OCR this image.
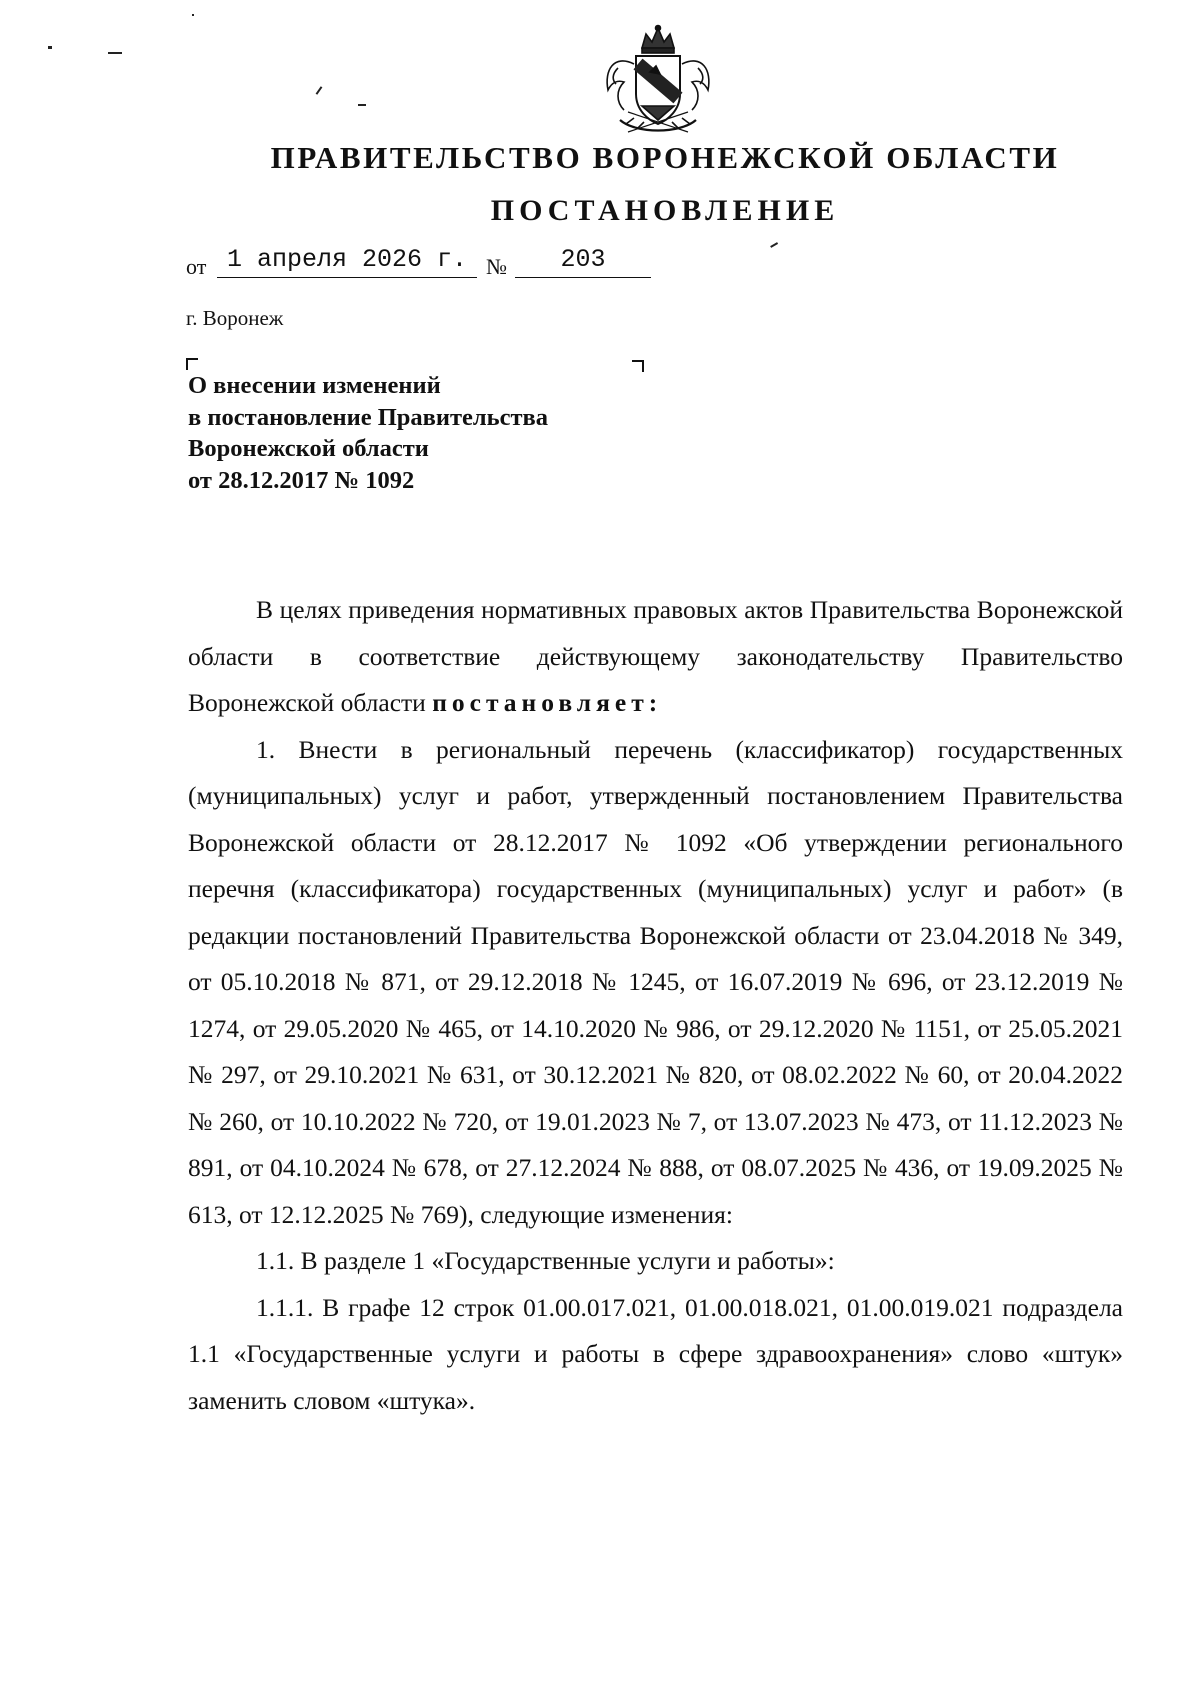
ПРАВИТЕЛЬСТВО ВОРОНЕЖСКОЙ ОБЛАСТИ
ПОСТАНОВЛЕНИЕ
от 1 апреля 2026 г. №	203
г. Воронеж
О внесении изменений
в постановление Правительства
Воронежской области
от 28.12.2017 № 1092

В целях приведения нормативных правовых актов Правительства Воронежской области в соответствие действующему законодательству Правительство Воронежской области постановляет:

1. Внести в региональный перечень (классификатор) государственных (муниципальных) услуг и работ, утвержденный постановлением Правительства Воронежской области от 28.12.2017 № 1092 «Об утверждении регионального перечня (классификатора) государственных (муниципальных) услуг и работ» (в редакции постановлений Правительства Воронежской области от 23.04.2018 № 349, от 05.10.2018 № 871, от 29.12.2018 № 1245, от 16.07.2019 № 696, от 23.12.2019 № 1274, от 29.05.2020 № 465, от 14.10.2020 № 986, от 29.12.2020 № 1151, от 25.05.2021 № 297, от 29.10.2021 № 631, от 30.12.2021 № 820, от 08.02.2022 № 60, от 20.04.2022 № 260, от 10.10.2022 № 720, от 19.01.2023 № 7, от 13.07.2023 № 473, от 11.12.2023 № 891, от 04.10.2024 № 678, от 27.12.2024 № 888, от 08.07.2025 № 436, от 19.09.2025 № 613, от 12.12.2025 № 769), следующие изменения:

1.1. В разделе 1 «Государственные услуги и работы»:

1.1.1. В графе 12 строк 01.00.017.021, 01.00.018.021, 01.00.019.021 подраздела 1.1 «Государственные услуги и работы в сфере здравоохранения» слово «штук» заменить словом «штука».
